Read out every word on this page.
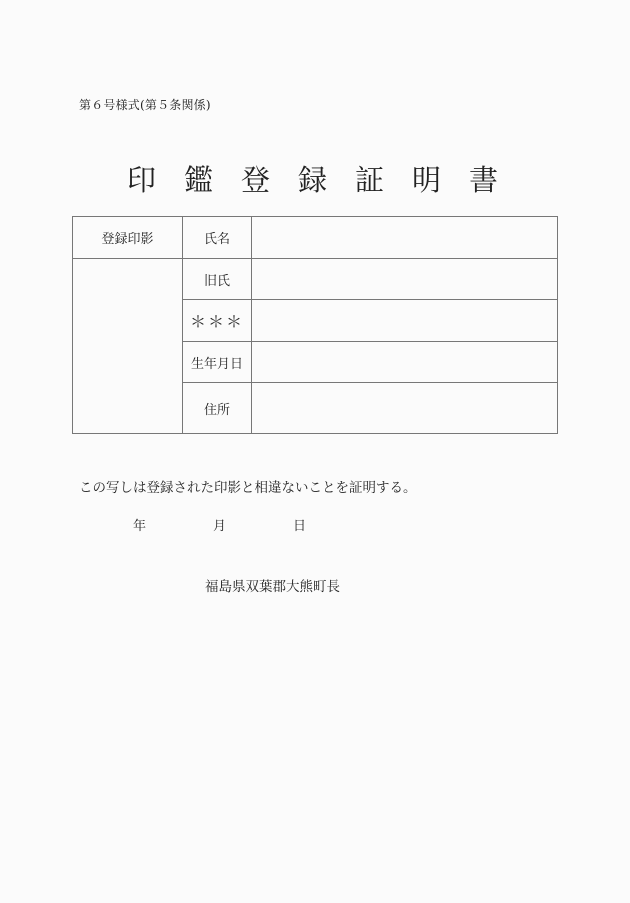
第６号様式(第５条関係)
印 鑑 登 録 証 明 書
登録印影	氏名	
	旧氏	
	＊＊＊	
	生年月日	
	住所	
この写しは登録された印影と相違ないことを証明する。
年	月	日
福島県双葉郡大熊町長
